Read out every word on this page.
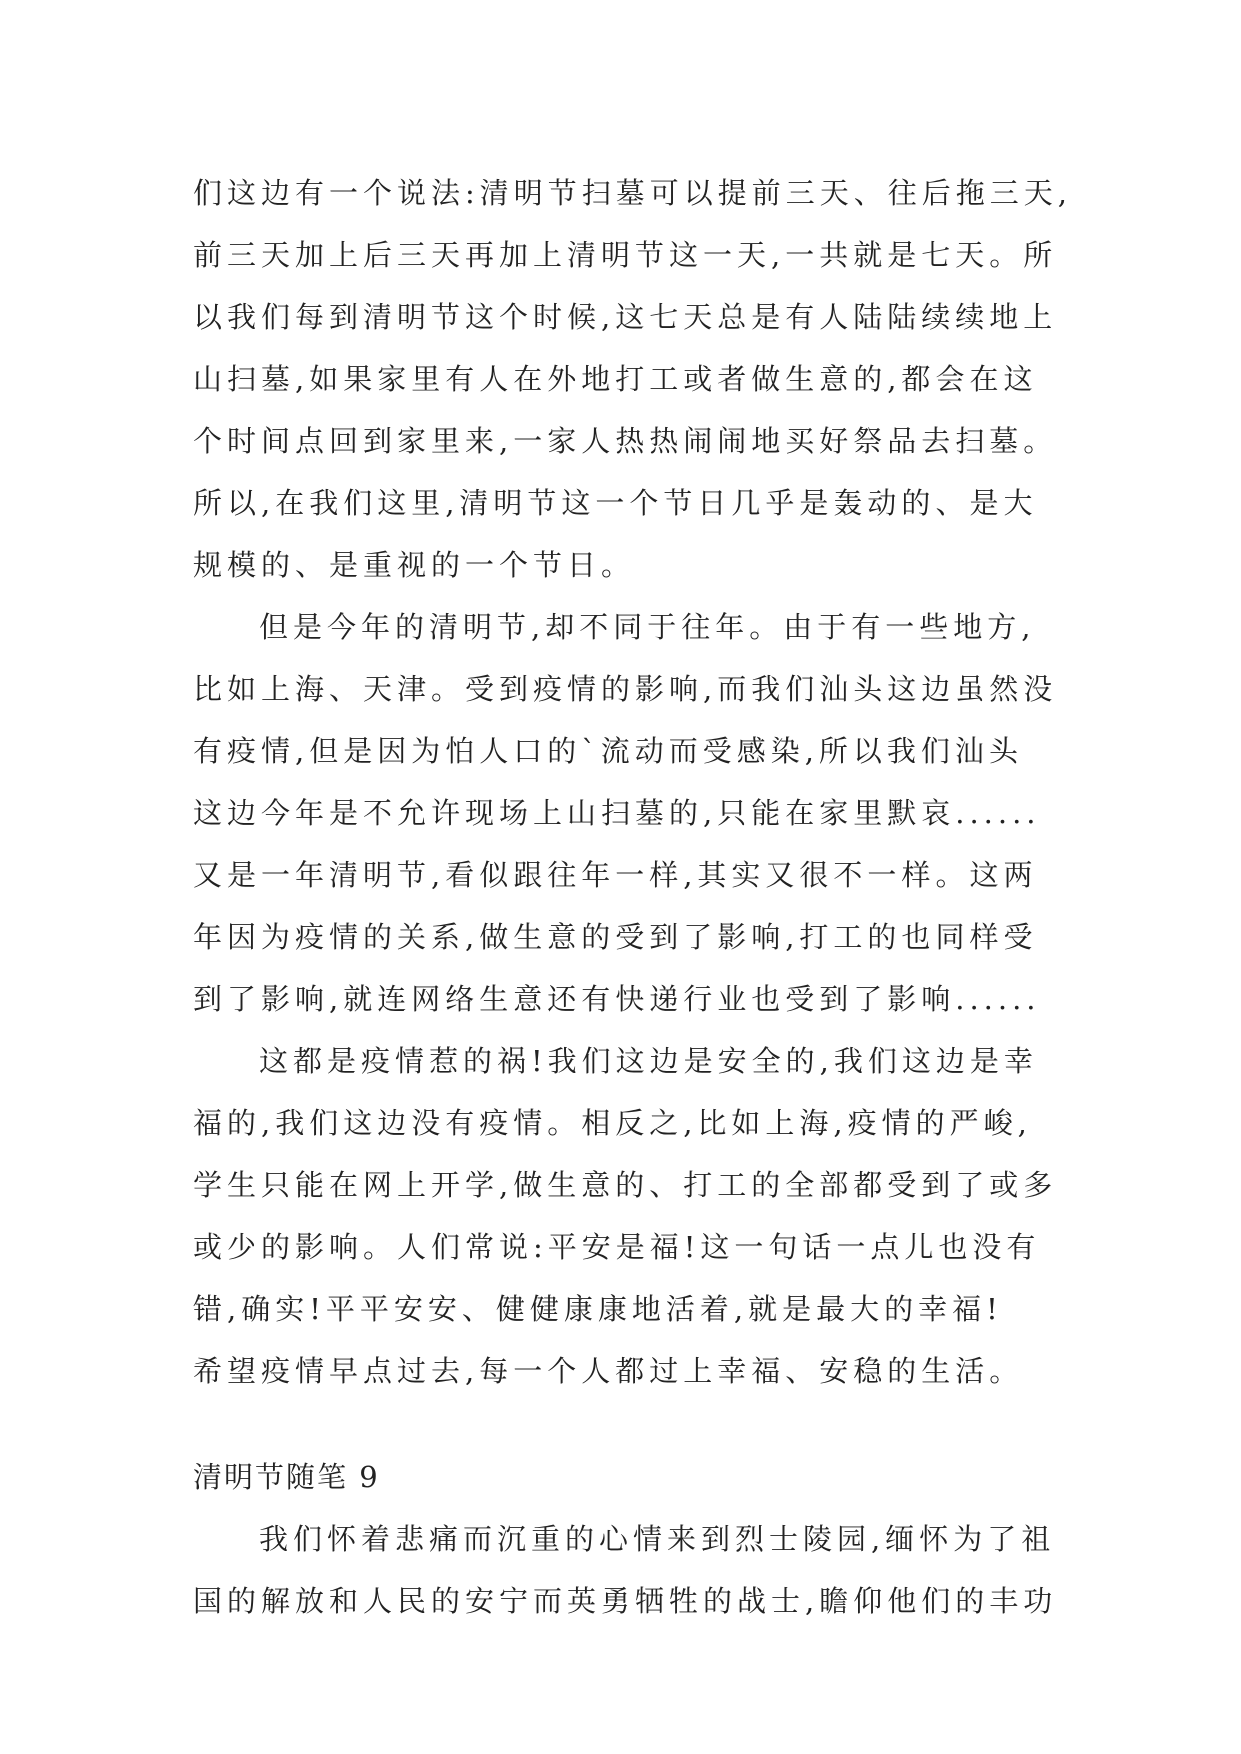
们这边有一个说法:清明节扫墓可以提前三天、往后拖三天,
前三天加上后三天再加上清明节这一天,一共就是七天。所
以我们每到清明节这个时候,这七天总是有人陆陆续续地上
山扫墓,如果家里有人在外地打工或者做生意的,都会在这
个时间点回到家里来,一家人热热闹闹地买好祭品去扫墓。
所以,在我们这里,清明节这一个节日几乎是轰动的、是大
规模的、是重视的一个节日。
但是今年的清明节,却不同于往年。由于有一些地方,
比如上海、天津。受到疫情的影响,而我们汕头这边虽然没
有疫情,但是因为怕人口的`流动而受感染,所以我们汕头
这边今年是不允许现场上山扫墓的,只能在家里默哀......
又是一年清明节,看似跟往年一样,其实又很不一样。这两
年因为疫情的关系,做生意的受到了影响,打工的也同样受
到了影响,就连网络生意还有快递行业也受到了影响......
这都是疫情惹的祸!我们这边是安全的,我们这边是幸
福的,我们这边没有疫情。相反之,比如上海,疫情的严峻,
学生只能在网上开学,做生意的、打工的全部都受到了或多
或少的影响。人们常说:平安是福!这一句话一点儿也没有
错,确实!平平安安、健健康康地活着,就是最大的幸福!
希望疫情早点过去,每一个人都过上幸福、安稳的生活。
清明节随笔 9
我们怀着悲痛而沉重的心情来到烈士陵园,缅怀为了祖
国的解放和人民的安宁而英勇牺牲的战士,瞻仰他们的丰功
